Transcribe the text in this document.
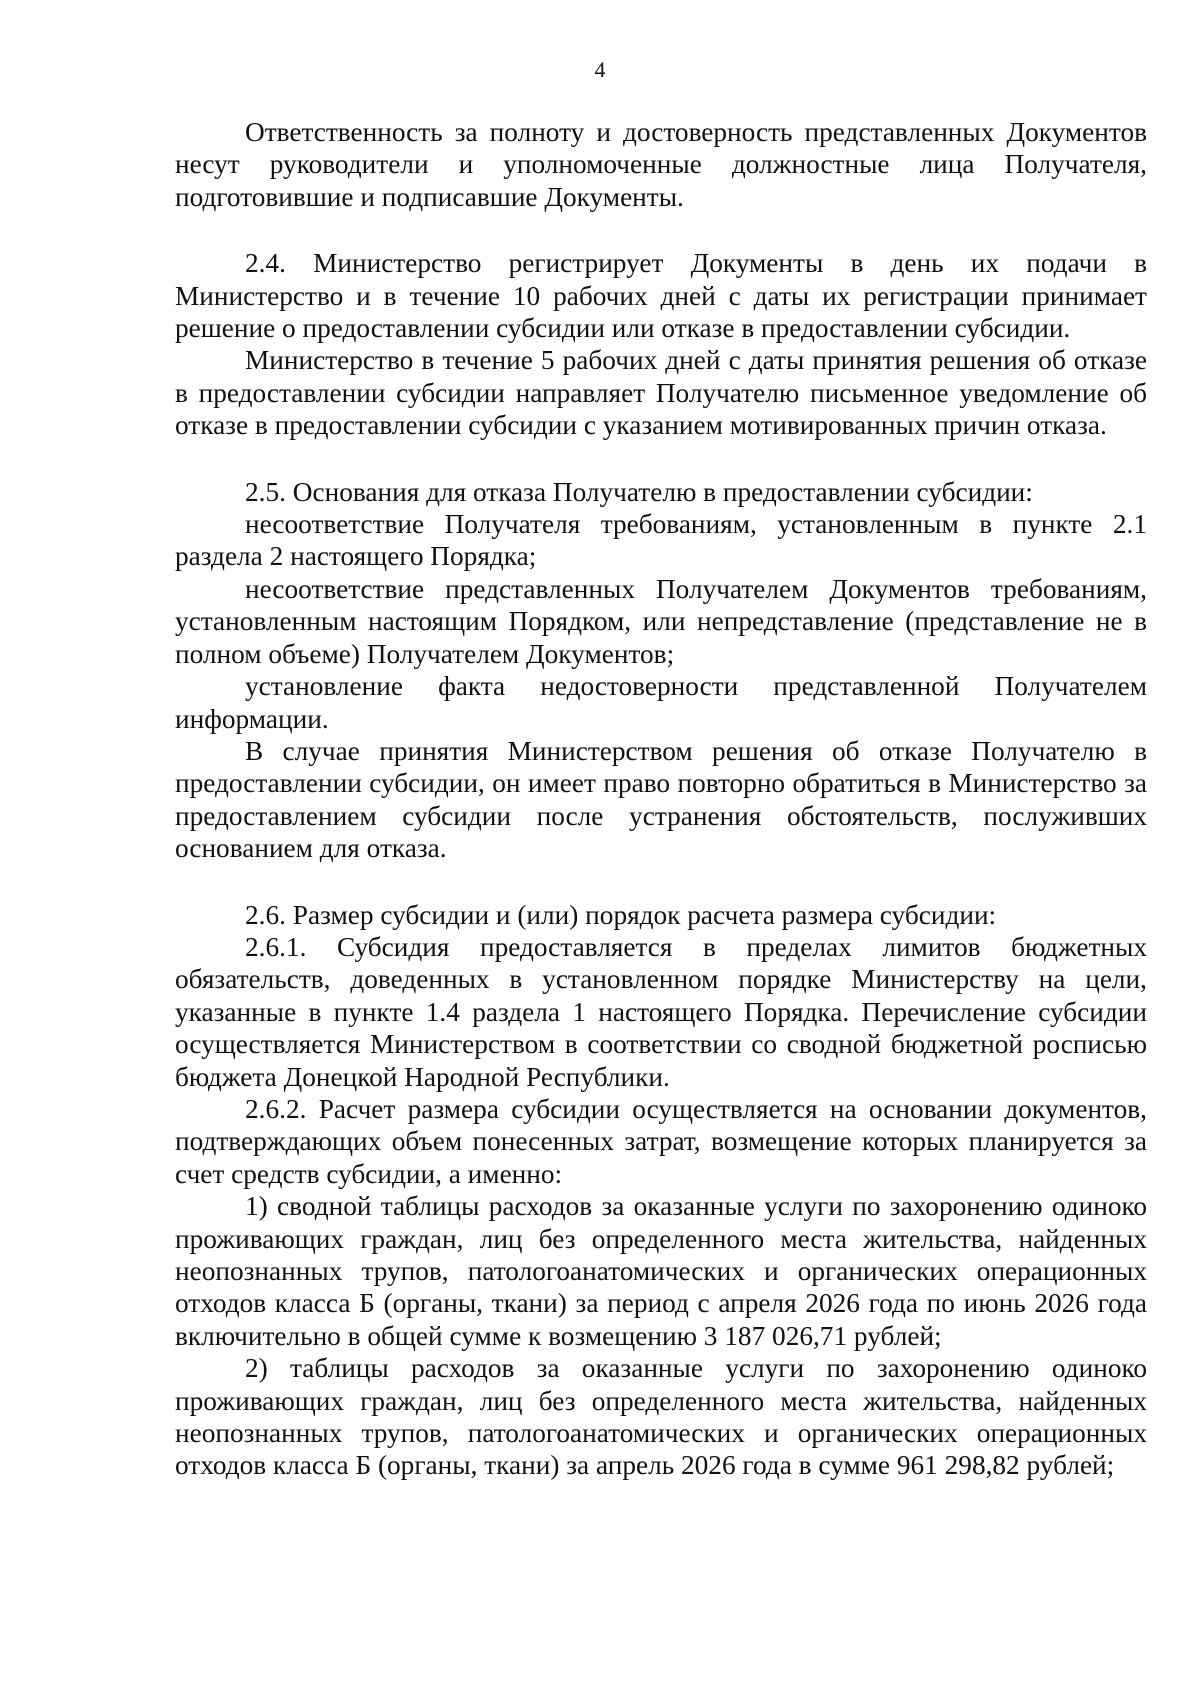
4

Ответственность за полноту и достоверность представленных Документов несут руководители и уполномоченные должностные лица Получателя, подготовившие и подписавшие Документы.

2.4. Министерство регистрирует Документы в день их подачи в Министерство и в течение 10 рабочих дней с даты их регистрации принимает решение о предоставлении субсидии или отказе в предоставлении субсидии.

Министерство в течение 5 рабочих дней с даты принятия решения об отказе в предоставлении субсидии направляет Получателю письменное уведомление об отказе в предоставлении субсидии с указанием мотивированных причин отказа.

2.5. Основания для отказа Получателю в предоставлении субсидии:

несоответствие Получателя требованиям, установленным в пункте 2.1 раздела 2 настоящего Порядка;

несоответствие представленных Получателем Документов требованиям, установленным настоящим Порядком, или непредставление (представление не в полном объеме) Получателем Документов;

установление факта недостоверности представленной Получателем информации.

В случае принятия Министерством решения об отказе Получателю в предоставлении субсидии, он имеет право повторно обратиться в Министерство за предоставлением субсидии после устранения обстоятельств, послуживших основанием для отказа.

2.6. Размер субсидии и (или) порядок расчета размера субсидии:

2.6.1. Субсидия предоставляется в пределах лимитов бюджетных обязательств, доведенных в установленном порядке Министерству на цели, указанные в пункте 1.4 раздела 1 настоящего Порядка. Перечисление субсидии осуществляется Министерством в соответствии со сводной бюджетной росписью бюджета Донецкой Народной Республики.

2.6.2. Расчет размера субсидии осуществляется на основании документов, подтверждающих объем понесенных затрат, возмещение которых планируется за счет средств субсидии, а именно:

1) сводной таблицы расходов за оказанные услуги по захоронению одиноко проживающих граждан, лиц без определенного места жительства, найденных неопознанных трупов, патологоанатомических и органических операционных отходов класса Б (органы, ткани) за период с апреля 2026 года по июнь 2026 года включительно в общей сумме к возмещению 3 187 026,71 рублей;

2) таблицы расходов за оказанные услуги по захоронению одиноко проживающих граждан, лиц без определенного места жительства, найденных неопознанных трупов, патологоанатомических и органических операционных отходов класса Б (органы, ткани) за апрель 2026 года в сумме 961 298,82 рублей;
